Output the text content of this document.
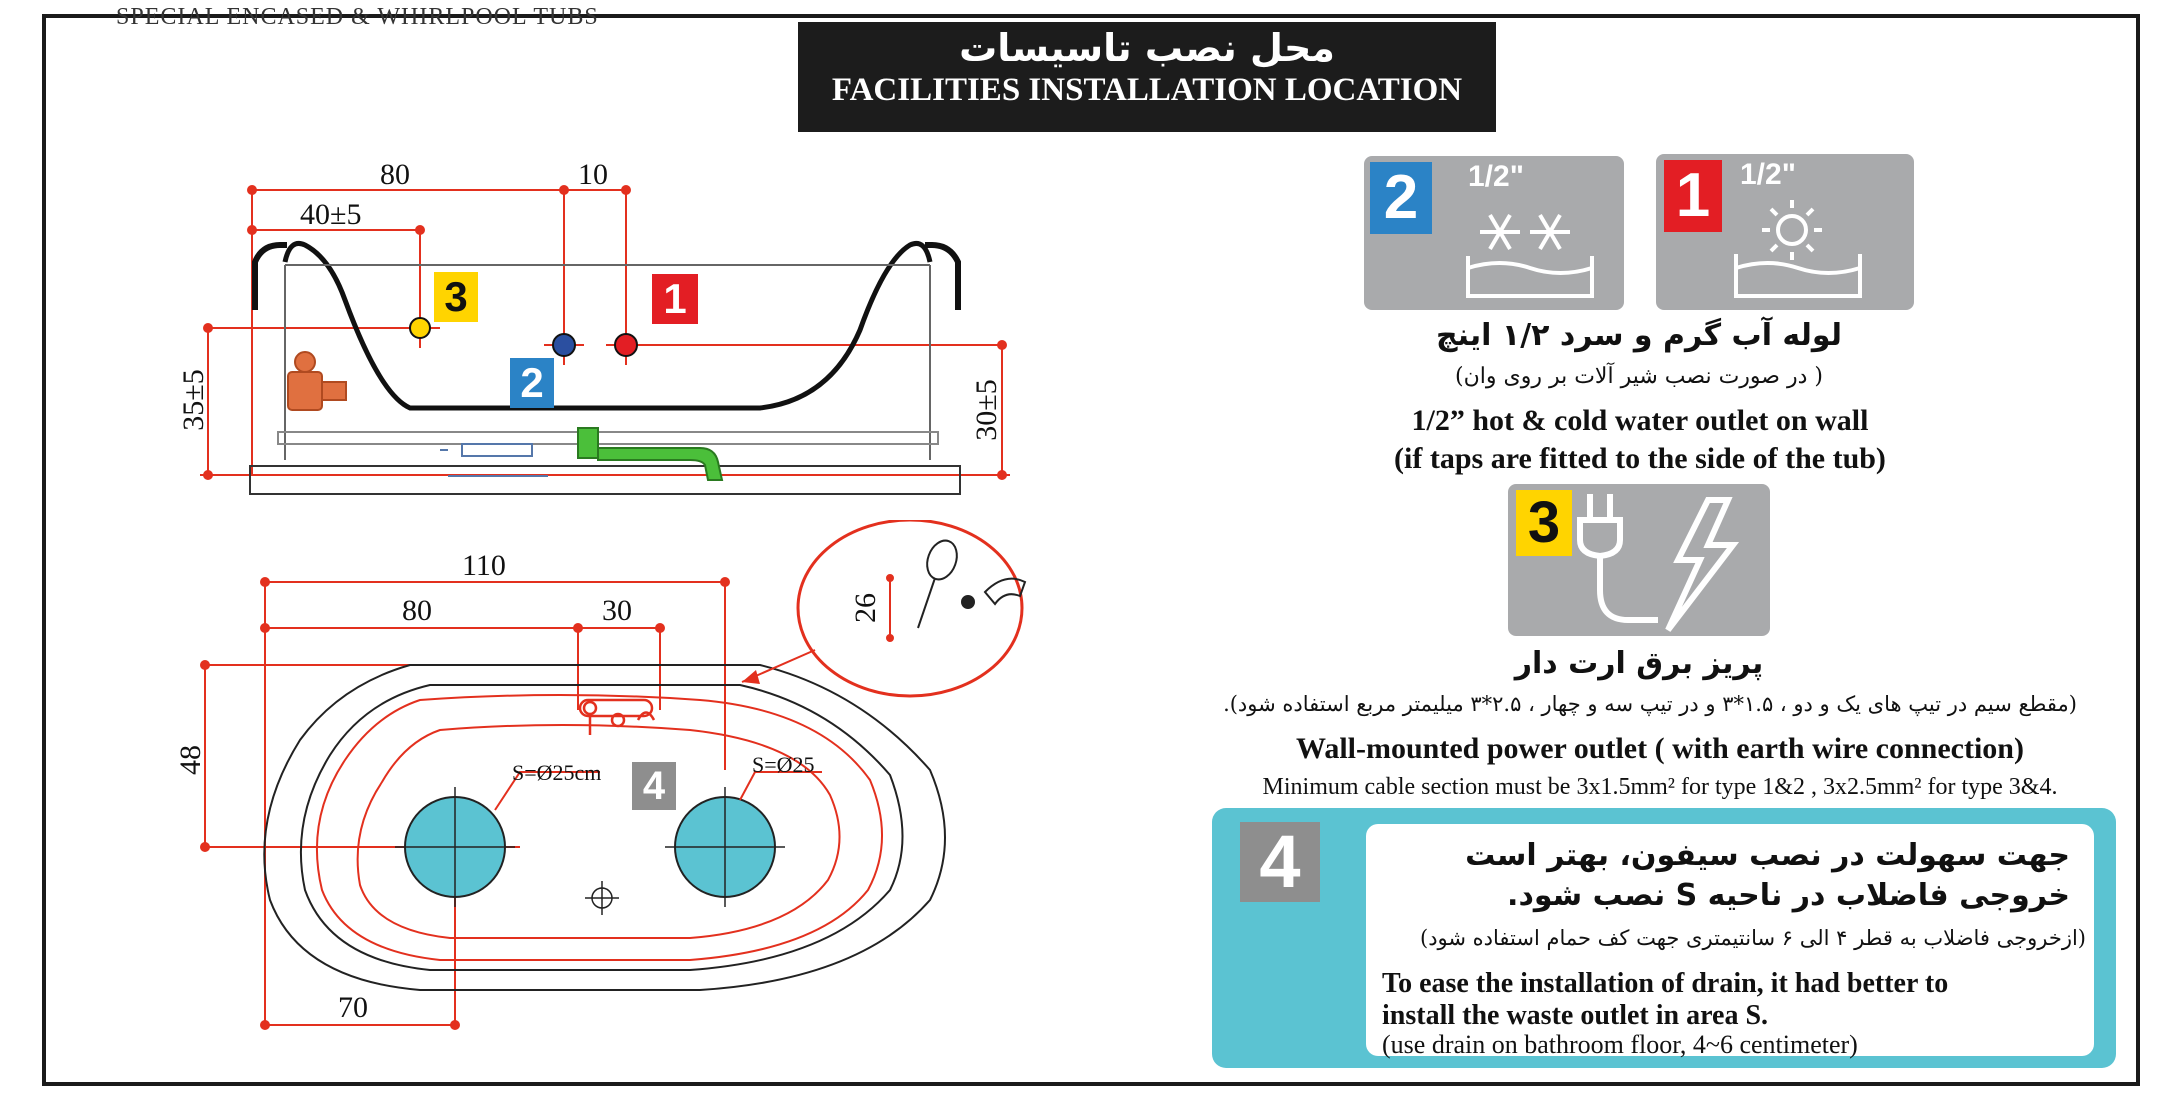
SPECIAL ENCASED & WHIRLPOOL TUBS
محل نصب تاسیسات
FACILITIES INSTALLATION LOCATION
80	10
40±5
35±5	30±5
3	1
2
110
80	30
48
70
S=Ø25cm	S=Ø25
26
4
2	1/2" 1 1/2"
لوله آب گرم و سرد ۱/۲ اینچ
( در صورت نصب شیر آلات بر روی وان)
1/2” hot & cold water outlet on wall
(if taps are fitted to the side of the tub)
3
پریز برق ارت دار
(مقطع سیم در تیپ های یک و دو ، ۱.۵*۳ و در تیپ سه و چهار ، ۲.۵*۳ میلیمتر مربع استفاده شود).
Wall-mounted power outlet ( with earth wire connection)
Minimum cable section must be 3x1.5mm² for type 1&2 , 3x2.5mm² for type 3&4.
4	جهت سهولت در نصب سیفون، بهتر است
خروجی فاضلاب در ناحیه S نصب شود.
(ازخروجی فاضلاب به قطر ۴ الی ۶ سانتیمتری جهت کف حمام استفاده شود)
To ease the installation of drain, it had better to
install the waste outlet in area S.
(use drain on bathroom floor, 4~6 centimeter)
